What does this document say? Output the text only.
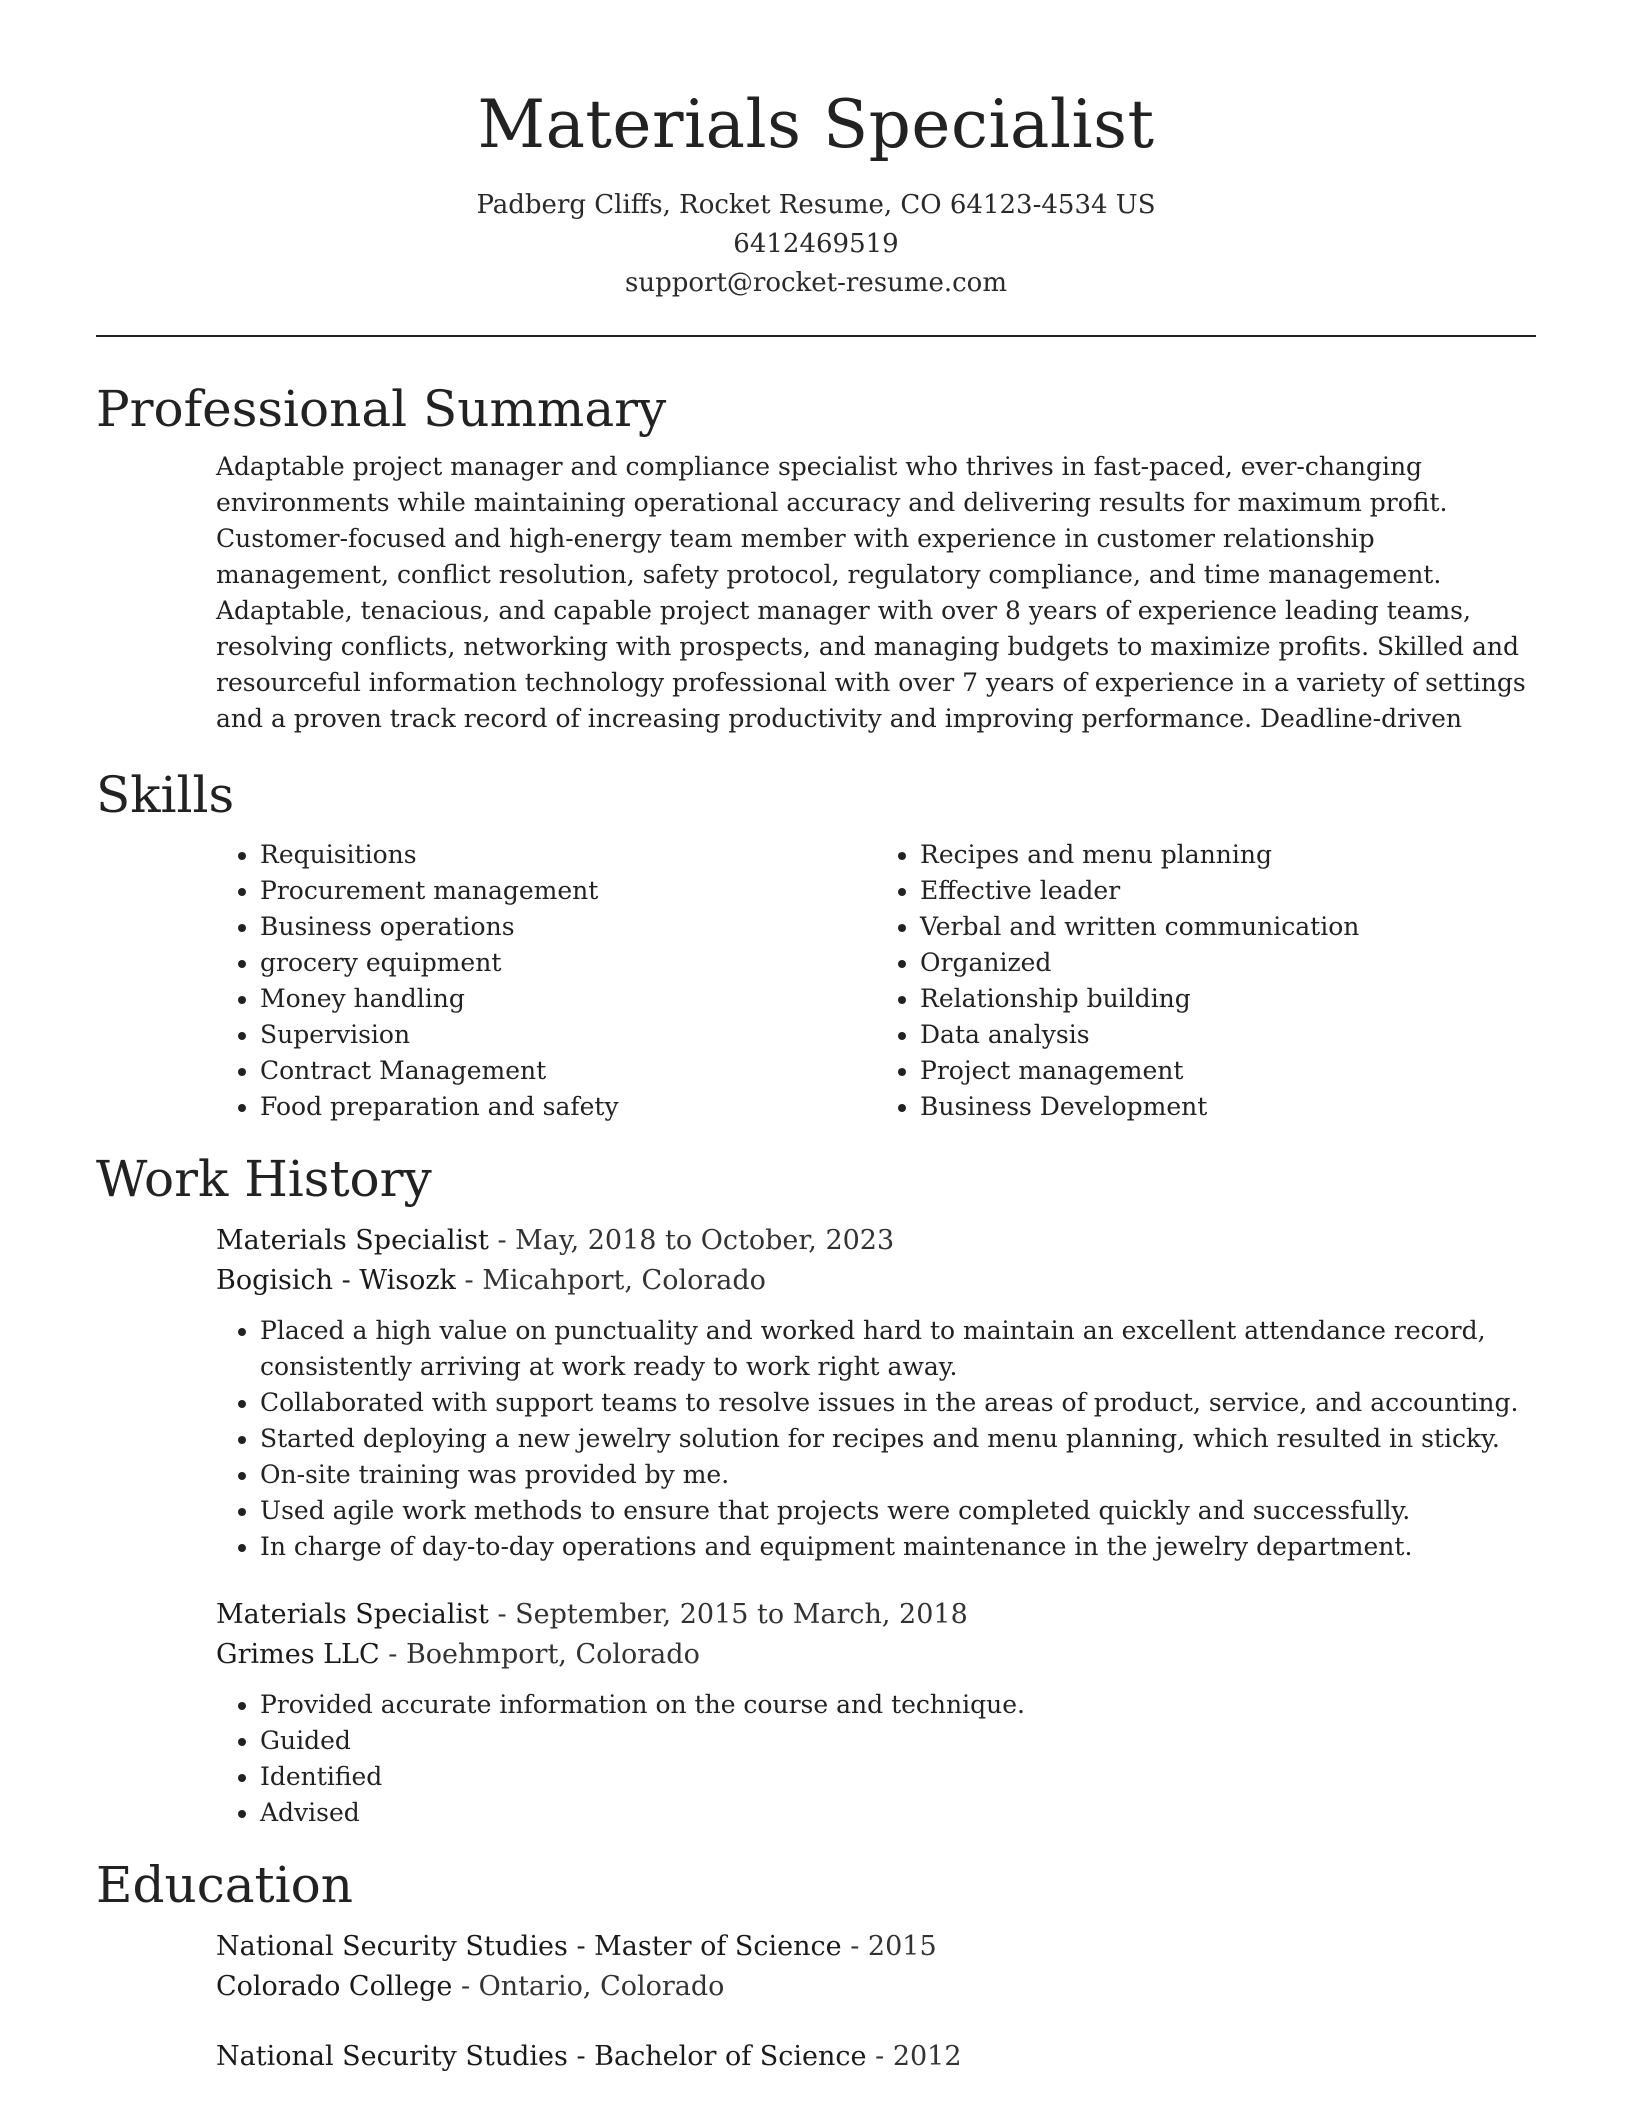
Materials Specialist
Padberg Cliffs, Rocket Resume, CO 64123-4534 US
6412469519
support@rocket-resume.com
Professional Summary
Adaptable project manager and compliance specialist who thrives in fast-paced, ever-changing environments while maintaining operational accuracy and delivering results for maximum profit. Customer-focused and high-energy team member with experience in customer relationship management, conflict resolution, safety protocol, regulatory compliance, and time management. Adaptable, tenacious, and capable project manager with over 8 years of experience leading teams, resolving conflicts, networking with prospects, and managing budgets to maximize profits. Skilled and resourceful information technology professional with over 7 years of experience in a variety of settings and a proven track record of increasing productivity and improving performance. Deadline-driven
Skills
• Requisitions
• Procurement management
• Business operations
• grocery equipment
• Money handling
• Supervision
• Contract Management
• Food preparation and safety
• Recipes and menu planning
• Effective leader
• Verbal and written communication
• Organized
• Relationship building
• Data analysis
• Project management
• Business Development
Work History
Materials Specialist - May, 2018 to October, 2023
Bogisich - Wisozk - Micahport, Colorado
• Placed a high value on punctuality and worked hard to maintain an excellent attendance record, consistently arriving at work ready to work right away.
• Collaborated with support teams to resolve issues in the areas of product, service, and accounting.
• Started deploying a new jewelry solution for recipes and menu planning, which resulted in sticky.
• On-site training was provided by me.
• Used agile work methods to ensure that projects were completed quickly and successfully.
• In charge of day-to-day operations and equipment maintenance in the jewelry department.
Materials Specialist - September, 2015 to March, 2018
Grimes LLC - Boehmport, Colorado
• Provided accurate information on the course and technique.
• Guided
• Identified
• Advised
Education
National Security Studies - Master of Science - 2015
Colorado College - Ontario, Colorado
National Security Studies - Bachelor of Science - 2012
